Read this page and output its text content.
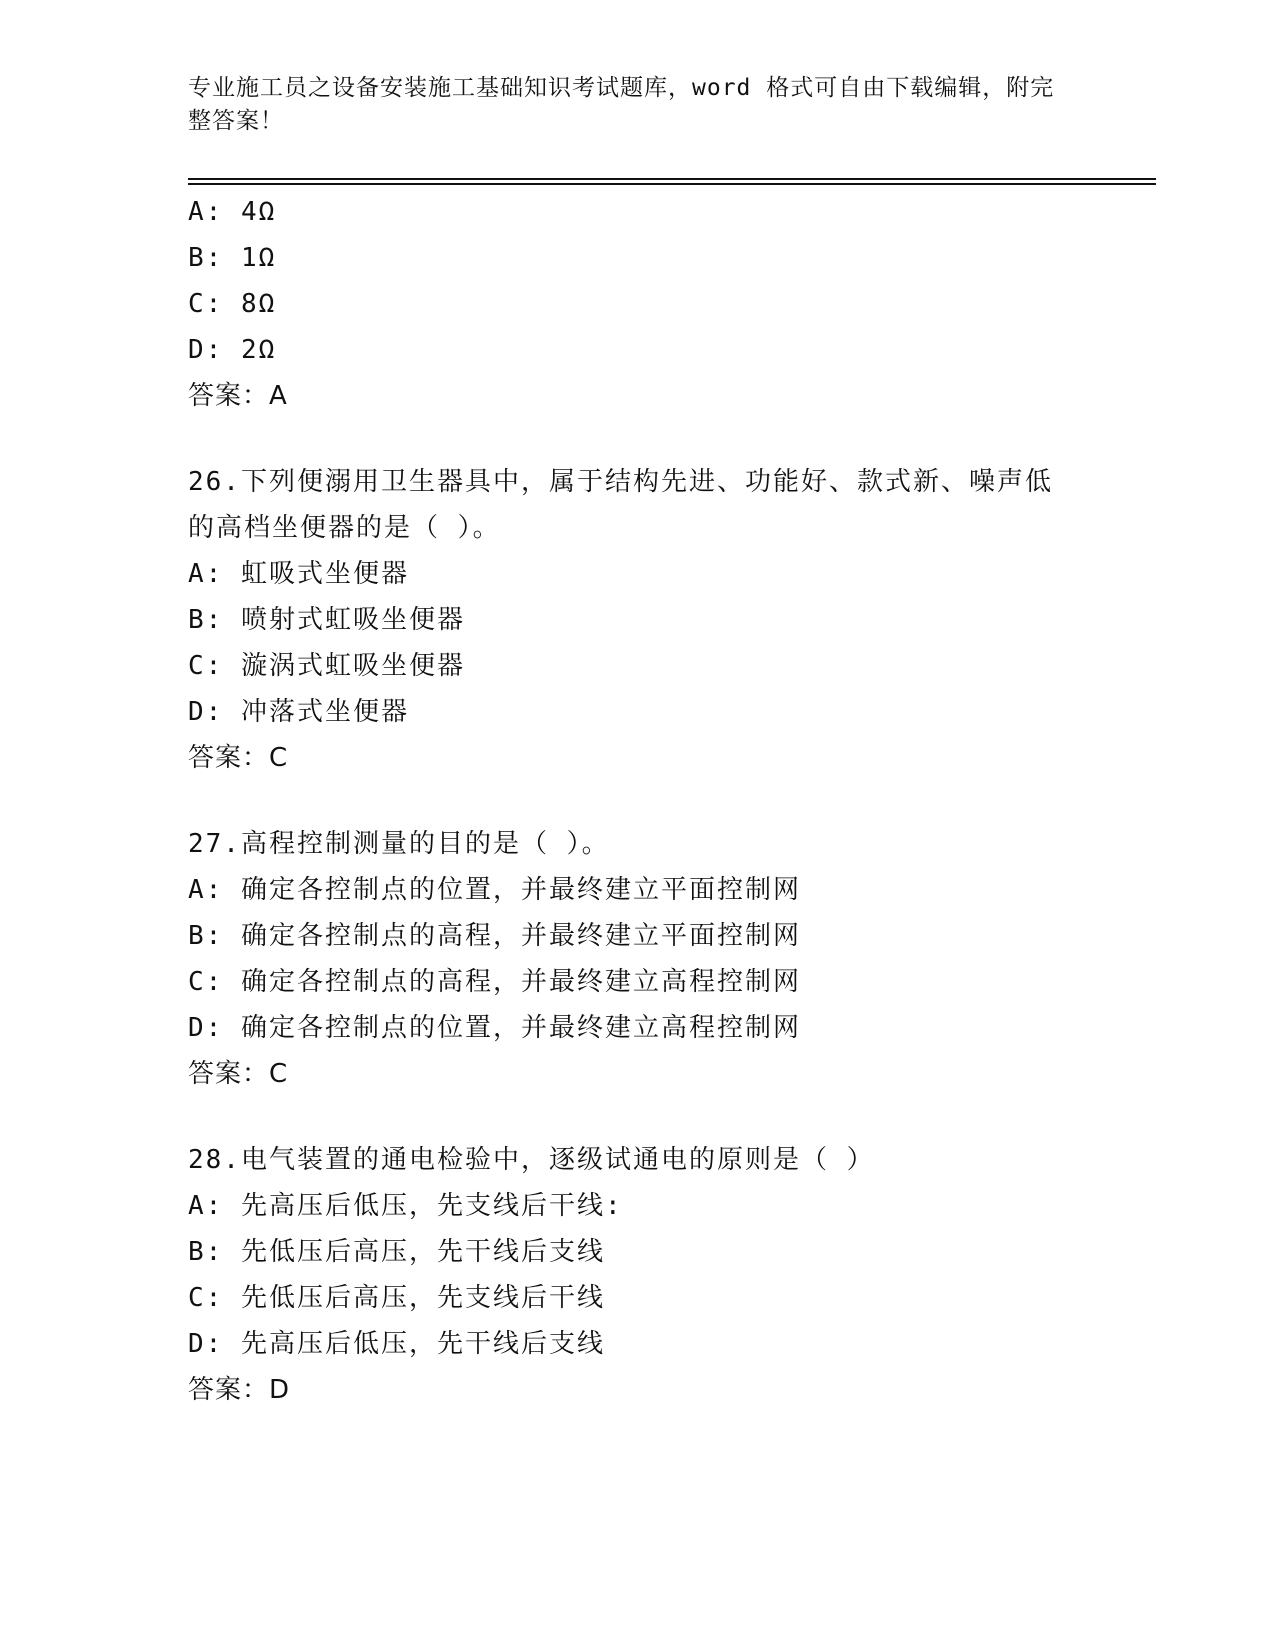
专业施工员之设备安装施工基础知识考试题库，word 格式可自由下载编辑，附完
整答案！
A: 4Ω
B: 1Ω
C: 8Ω
D: 2Ω
答案：A
26.下列便溺用卫生器具中，属于结构先进、功能好、款式新、噪声低
的高档坐便器的是（ ）。
A: 虹吸式坐便器
B: 喷射式虹吸坐便器
C: 漩涡式虹吸坐便器
D: 冲落式坐便器
答案：C
27.高程控制测量的目的是（ ）。
A: 确定各控制点的位置，并最终建立平面控制网
B: 确定各控制点的高程，并最终建立平面控制网
C: 确定各控制点的高程，并最终建立高程控制网
D: 确定各控制点的位置，并最终建立高程控制网
答案：C
28.电气装置的通电检验中，逐级试通电的原则是（ ）
A: 先高压后低压，先支线后干线:
B: 先低压后高压，先干线后支线
C: 先低压后高压，先支线后干线
D: 先高压后低压，先干线后支线
答案：D
